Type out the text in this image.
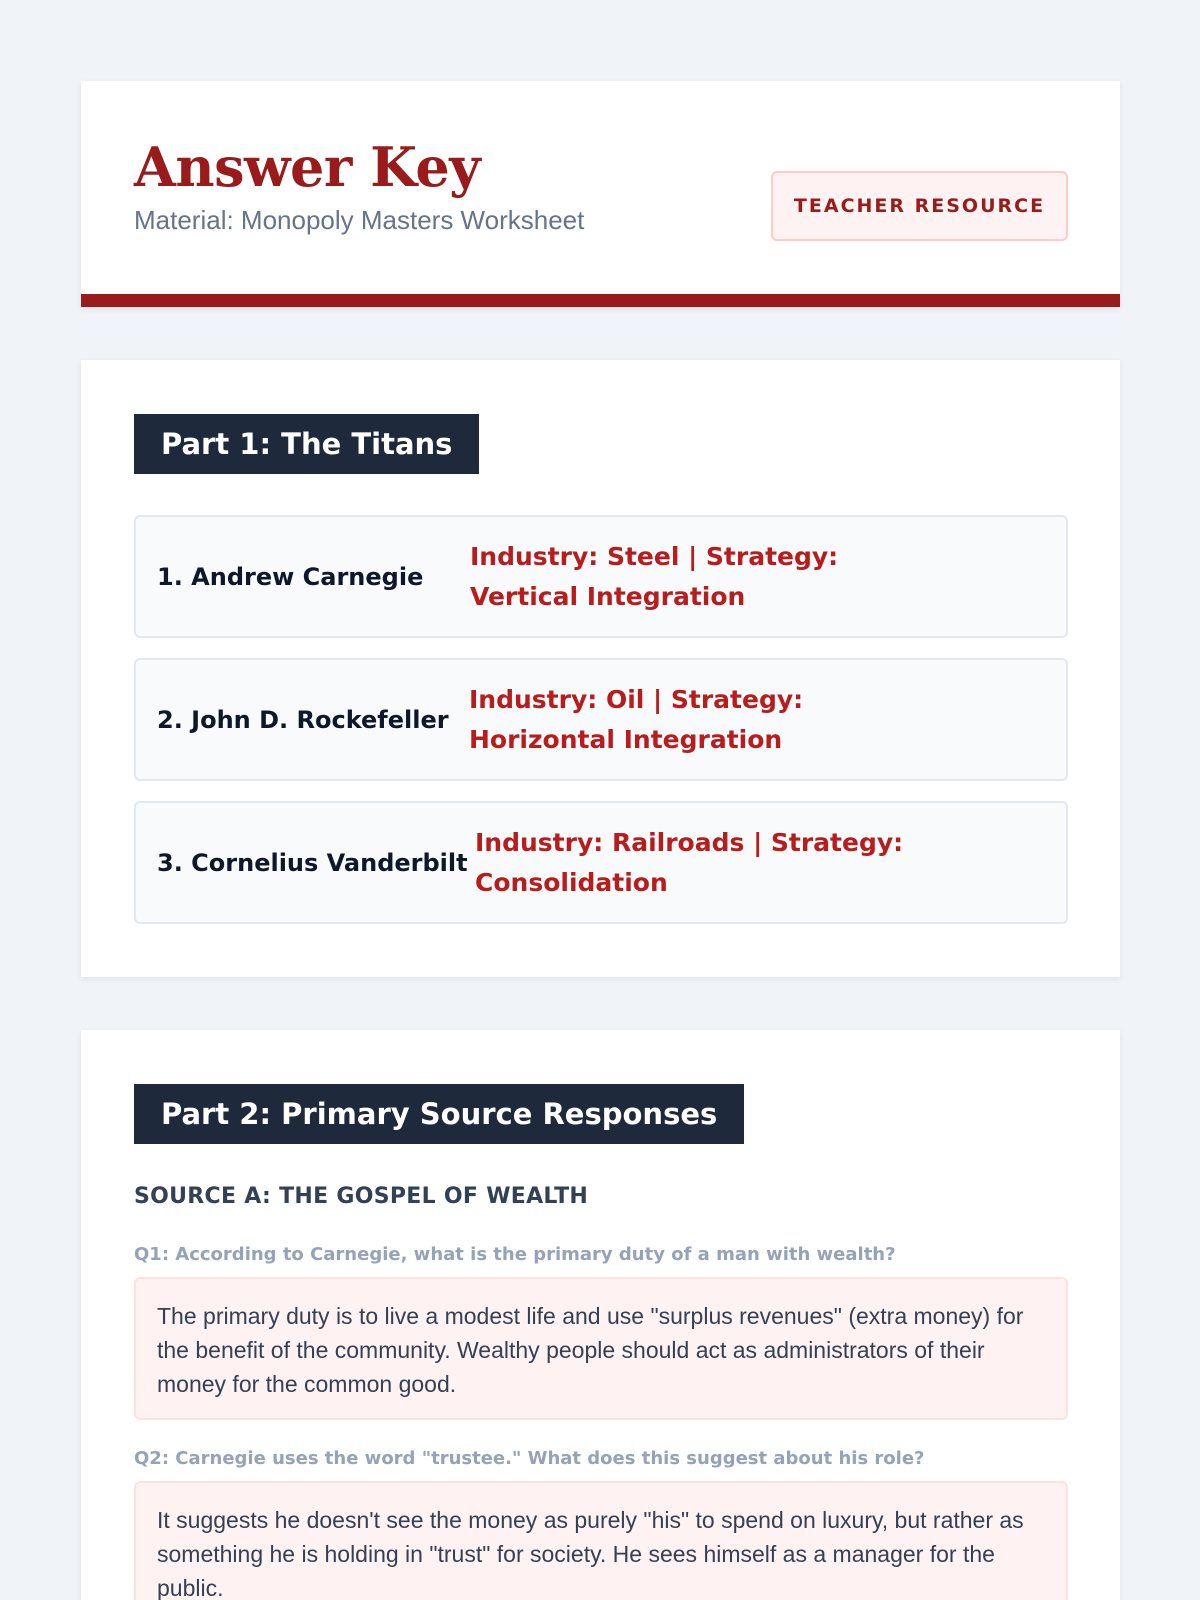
Answer Key
Material: Monopoly Masters Worksheet	TEACHER RESOURCE
Part 1: The Titans
1. Andrew Carnegie
Industry: Steel | Strategy: Vertical Integration
2. John D. Rockefeller
Industry: Oil | Strategy: Horizontal Integration
3. Cornelius Vanderbilt
Industry: Railroads | Strategy: Consolidation
Part 2: Primary Source Responses
SOURCE A: THE GOSPEL OF WEALTH
Q1: According to Carnegie, what is the primary duty of a man with wealth?
The primary duty is to live a modest life and use "surplus revenues" (extra money) for the benefit of the community. Wealthy people should act as administrators of their money for the common good.
Q2: Carnegie uses the word "trustee." What does this suggest about his role?
It suggests he doesn't see the money as purely "his" to spend on luxury, but rather as something he is holding in "trust" for society. He sees himself as a manager for the public.
